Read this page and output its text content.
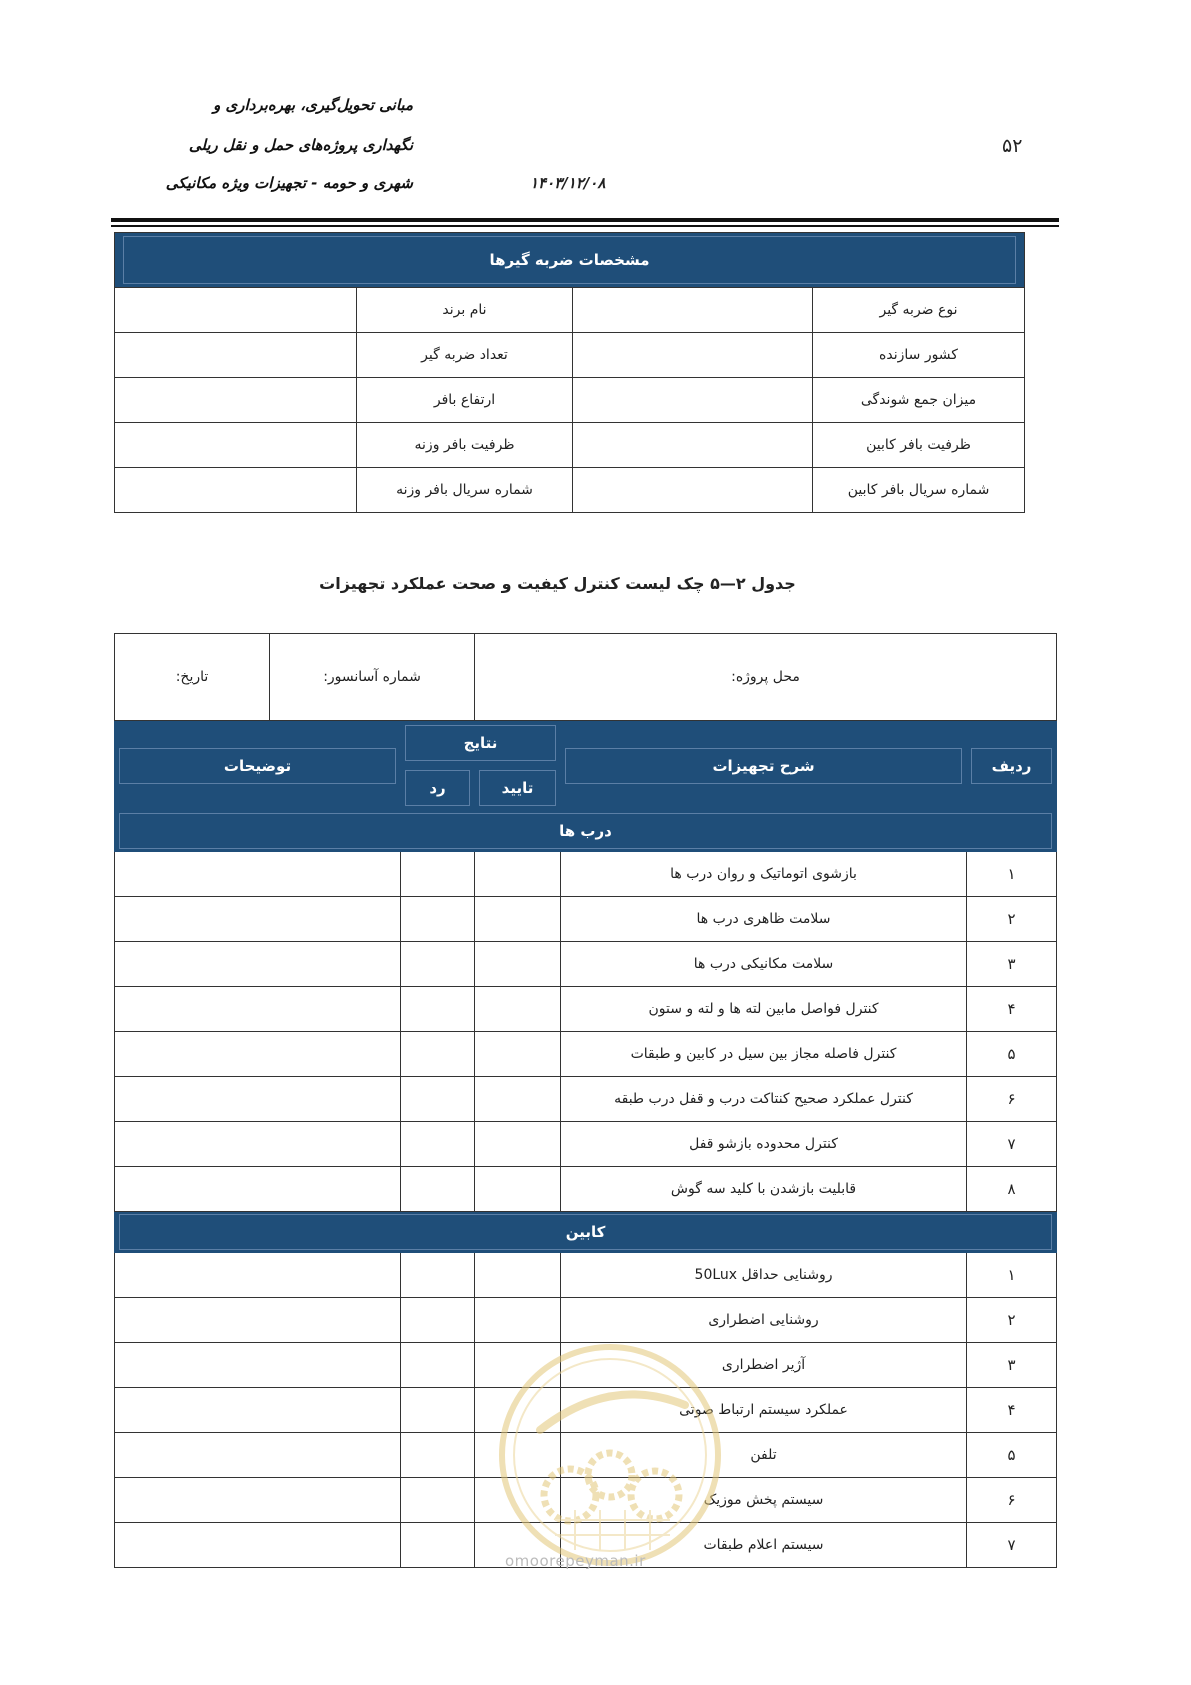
مبانی تحویل‌گیری، بهره‌برداری و
نگهداری پروژه‌های حمل و نقل ریلی
شهری و حومه - تجهیزات ویژه مکانیکی	۱۴۰۳/۱۲/۰۸
۵۲
مشخصات ضربه گیرها			

نوع ضربه گیر		نام برند	
کشور سازنده		تعداد ضربه گیر	
میزان جمع شوندگی		ارتفاع بافر	
ظرفیت بافر کابین		ظرفیت بافر وزنه	
شماره سریال بافر کابین		شماره سریال بافر وزنه	
جدول ۲—۵ چک لیست کنترل کیفیت و صحت عملکرد تجهیزات
محل پروژه:			شماره آسانسور:
تاریخ:	

ردیف	شرح تجهیزات	نتایج		توضیحات

تایید	رد	

درب ها				

۱	بازشوی اتوماتیک و روان درب ها			
۲	سلامت ظاهری درب ها			
۳	سلامت مکانیکی درب ها			
۴	کنترل فواصل مابین لته ها و لته و ستون			
۵	کنترل فاصله مجاز بین سیل در کابین و طبقات			
۶	کنترل عملکرد صحیح کنتاکت درب و قفل درب طبقه			
۷	کنترل محدوده بازشو قفل			
۸	قابلیت بازشدن با کلید سه گوش			

کابین				

۱	روشنایی حداقل 50Lux			
۲	روشنایی اضطراری			
۳	آژیر اضطراری			
۴	عملکرد سیستم ارتباط صوتی			
۵	تلفن			
۶	سیستم پخش موزیک			
۷	سیستم اعلام طبقات			
omoorepeyman.ir
